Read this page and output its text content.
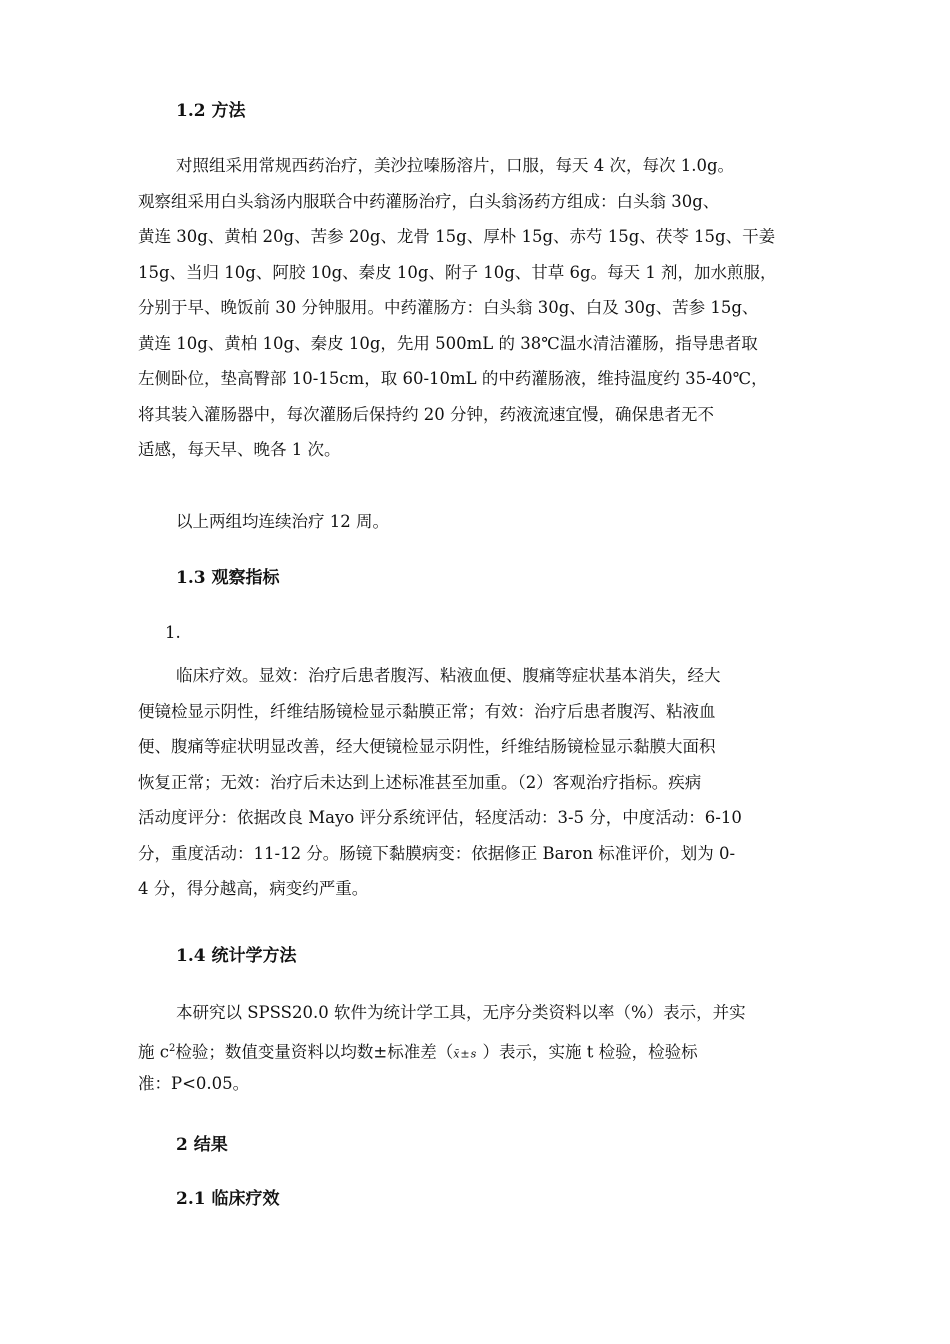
1.2 方法
对照组采用常规西药治疗，美沙拉嗪肠溶片，口服，每天 4 次，每次 1.0g。
观察组采用白头翁汤内服联合中药灌肠治疗，白头翁汤药方组成：白头翁 30g、
黄连 30g、黄柏 20g、苦参 20g、龙骨 15g、厚朴 15g、赤芍 15g、茯苓 15g、干姜
15g、当归 10g、阿胶 10g、秦皮 10g、附子 10g、甘草 6g。每天 1 剂，加水煎服，
分别于早、晚饭前 30 分钟服用。中药灌肠方：白头翁 30g、白及 30g、苦参 15g、
黄连 10g、黄柏 10g、秦皮 10g，先用 500mL 的 38℃温水清洁灌肠，指导患者取
左侧卧位，垫高臀部 10-15cm，取 60-10mL 的中药灌肠液，维持温度约 35-40℃，
将其装入灌肠器中，每次灌肠后保持约 20 分钟，药液流速宜慢，确保患者无不
适感，每天早、晚各 1 次。
以上两组均连续治疗 12 周。
1.3 观察指标
1.
临床疗效。显效：治疗后患者腹泻、粘液血便、腹痛等症状基本消失，经大
便镜检显示阴性，纤维结肠镜检显示黏膜正常；有效：治疗后患者腹泻、粘液血
便、腹痛等症状明显改善，经大便镜检显示阴性，纤维结肠镜检显示黏膜大面积
恢复正常；无效：治疗后未达到上述标准甚至加重。（2）客观治疗指标。疾病
活动度评分：依据改良 Mayo 评分系统评估，轻度活动：3-5 分，中度活动：6-10
分，重度活动：11-12 分。肠镜下黏膜病变：依据修正 Baron 标准评价，划为 0-
4 分，得分越高，病变约严重。
1.4 统计学方法
本研究以 SPSS20.0 软件为统计学工具，无序分类资料以率（%）表示，并实
施 $c^2$检验；数值变量资料以均数±标准差（x̄±s ）表示，实施 t 检验，检验标
准：P<0.05。
2 结果
2.1 临床疗效
